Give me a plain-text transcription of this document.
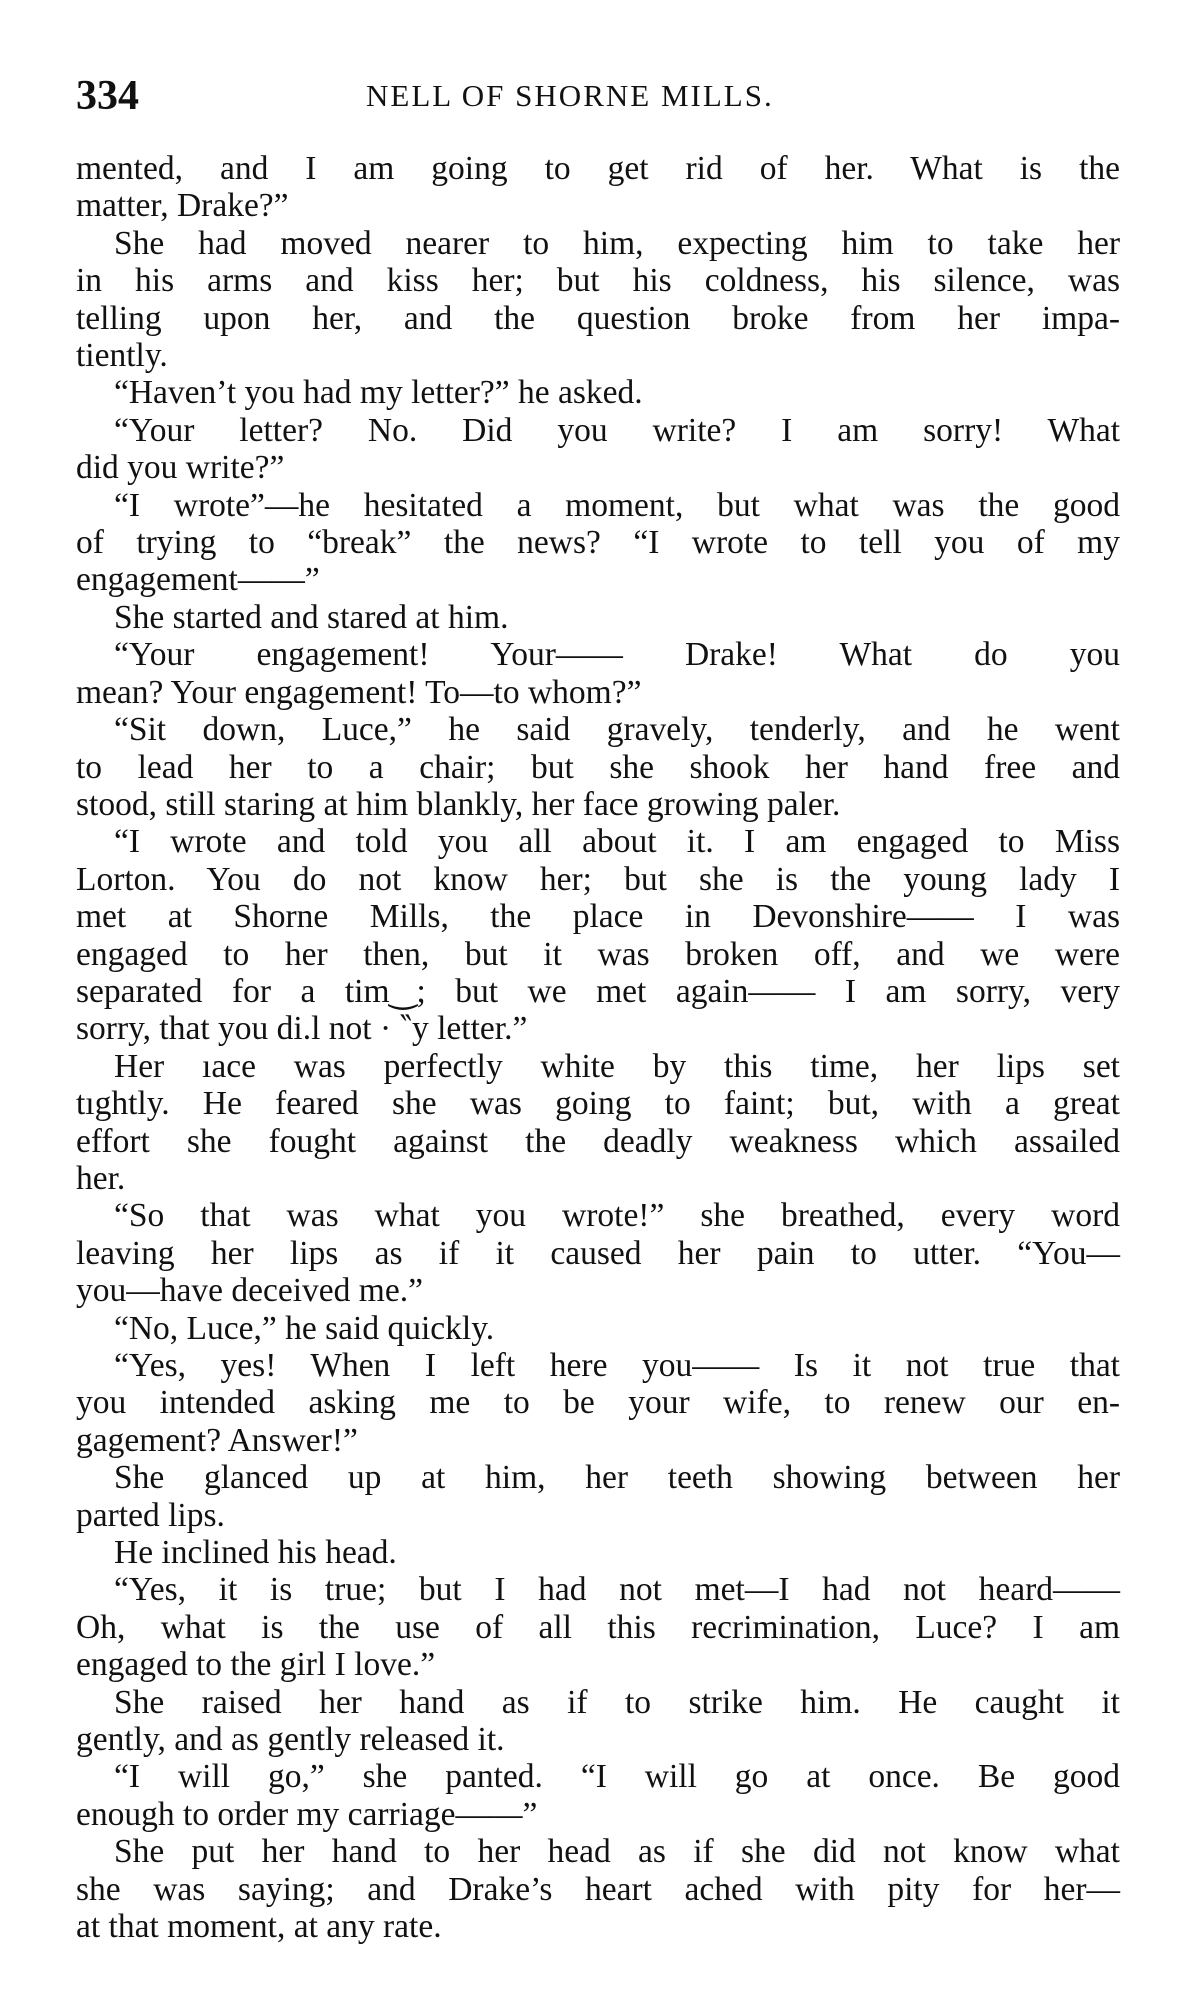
334	NELL OF SHORNE MILLS.
mented, and I am going to get rid of her. What is the
matter, Drake?”
She had moved nearer to him, expecting him to take her
in his arms and kiss her; but his coldness, his silence, was
telling upon her, and the question broke from her impa-
tiently.
“Haven’t you had my letter?” he asked.
“Your letter? No. Did you write? I am sorry! What
did you write?”
“I wrote”—he hesitated a moment, but what was the good
of trying to “break” the news? “I wrote to tell you of my
engagement——”
She started and stared at him.
“Your engagement! Your—— Drake! What do you
mean? Your engagement! To—to whom?”
“Sit down, Luce,” he said gravely, tenderly, and he went
to lead her to a chair; but she shook her hand free and
stood, still staring at him blankly, her face growing paler.
“I wrote and told you all about it. I am engaged to Miss
Lorton. You do not know her; but she is the young lady I
met at Shorne Mills, the place in Devonshire—— I was
engaged to her then, but it was broken off, and we were
separated for a tim‿; but we met again—— I am sorry, very
sorry, that you di.l not · ‶y letter.”
Her ıace was perfectly white by this time, her lips set
tıghtly. He feared she was going to faint; but, with a great
effort ѕhe fought against the deadly weakness which assailed
her.
“So that was what you wrote!” she breathed, every word
leaving her lips as if it caused her pain to utter. “You—
you—have deceived me.”
“No, Luce,” he said quickly.
“Yes, yes! When I left here you—— Is it not true that
you intended asking me to be your wife, to renew our en-
gagement? Answer!”
She glanced up at him, her teeth showing between her
parted lips.
He inclined his head.
“Yes, it is true; but I had not met—I had not heard——
Oh, what is the use of all this recrimination, Luce? I am
engaged to the girl I love.”
She raised her hand as if to strike him. He caught it
gently, and as gently released it.
“I will go,” she panted. “I will go at once. Be good
enough to order my carriage——”
She put her hand to her head as if she did not know what
she was saying; and Drake’s heart ached with pity for her—
at that moment, at any rate.
